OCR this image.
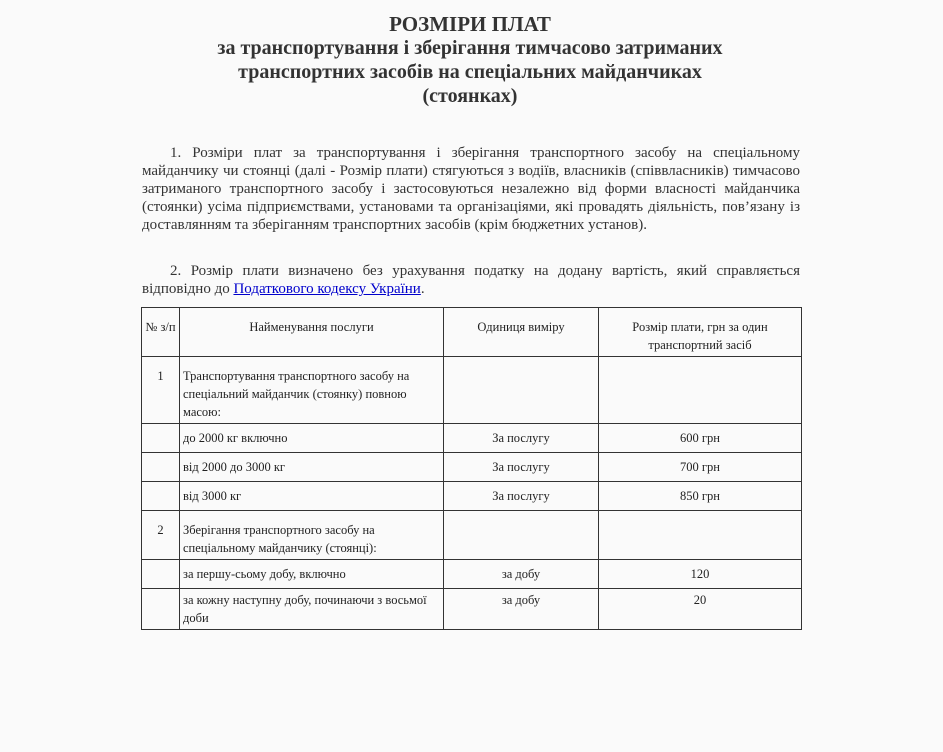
РОЗМІРИ ПЛАТ
за транспортування і зберігання тимчасово затриманих
транспортних засобів на спеціальних майданчиках
(стоянках)
1. Розміри плат за транспортування і зберігання транспортного засобу на спеціальному майданчику чи стоянці (далі - Розмір плати) стягуються з водіїв, власників (співвласників) тимчасово затриманого транспортного засобу і застосовуються незалежно від форми власності майданчика (стоянки) усіма підприємствами, установами та організаціями, які провадять діяльність, пов’язану із доставлянням та зберіганням транспортних засобів (крім бюджетних установ).
2. Розмір плати визначено без урахування податку на додану вартість, який справляється відповідно до Податкового кодексу України.
№ з/п	Найменування послуги	Одиниця виміру	Розмір плати, грн за один транспортний засіб
1	Транспортування транспортного засобу на спеціальний майданчик (стоянку) повною масою:		
	до 2000 кг включно	За послугу	600 грн
	від 2000 до 3000 кг	За послугу	700 грн
	від 3000 кг	За послугу	850 грн
2	Зберігання транспортного засобу на спеціальному майданчику (стоянці):		
	за першу-сьому добу, включно	за добу	120
	за кожну наступну добу, починаючи з восьмої доби	за добу	20
